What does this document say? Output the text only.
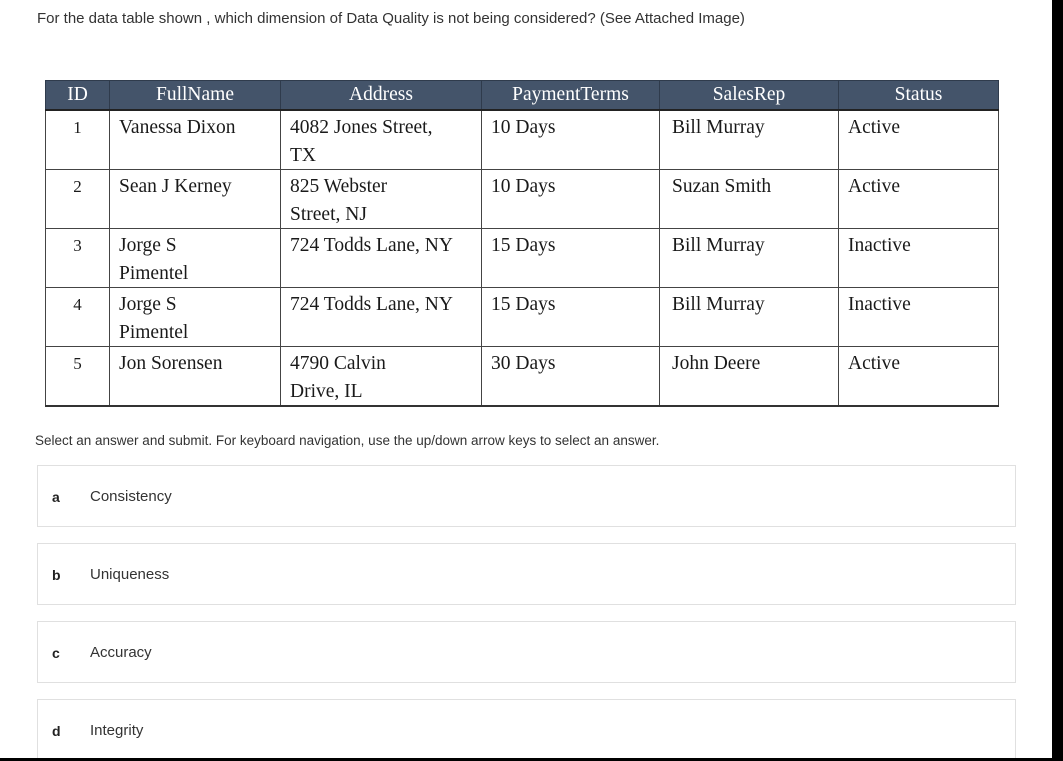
For the data table shown , which dimension of Data Quality is not being considered? (See Attached Image)
ID	FullName	Address	PaymentTerms	SalesRep	Status
1	Vanessa Dixon	4082 Jones Street, TX	10 Days	Bill Murray	Active
2	Sean J Kerney	825 Webster Street, NJ	10 Days	Suzan Smith	Active
3	Jorge S Pimentel	724 Todds Lane, NY	15 Days	Bill Murray	Inactive
4	Jorge S Pimentel	724 Todds Lane, NY	15 Days	Bill Murray	Inactive
5	Jon Sorensen	4790 Calvin Drive, IL	30 Days	John Deere	Active
Select an answer and submit. For keyboard navigation, use the up/down arrow keys to select an answer.
a Consistency
b Uniqueness
c Accuracy
d Integrity
